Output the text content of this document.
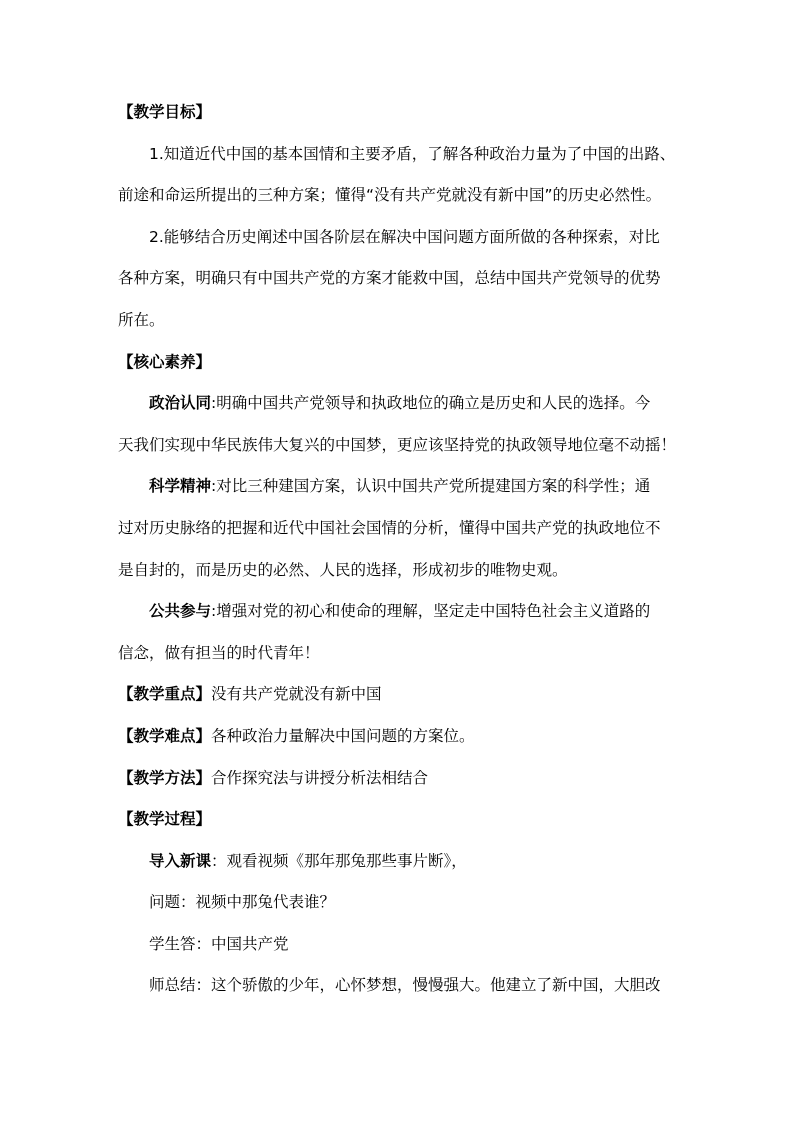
【教学目标】
1.知道近代中国的基本国情和主要矛盾，了解各种政治力量为了中国的出路、
前途和命运所提出的三种方案；懂得“没有共产党就没有新中国”的历史必然性。
2.能够结合历史阐述中国各阶层在解决中国问题方面所做的各种探索，对比
各种方案，明确只有中国共产党的方案才能救中国，总结中国共产党领导的优势
所在。
【核心素养】
政治认同:明确中国共产党领导和执政地位的确立是历史和人民的选择。今
天我们实现中华民族伟大复兴的中国梦，更应该坚持党的执政领导地位毫不动摇！
科学精神:对比三种建国方案，认识中国共产党所提建国方案的科学性；通
过对历史脉络的把握和近代中国社会国情的分析，懂得中国共产党的执政地位不
是自封的，而是历史的必然、人民的选择，形成初步的唯物史观。
公共参与:增强对党的初心和使命的理解，坚定走中国特色社会主义道路的
信念，做有担当的时代青年！
【教学重点】没有共产党就没有新中国
【教学难点】各种政治力量解决中国问题的方案位。
【教学方法】合作探究法与讲授分析法相结合
【教学过程】
导入新课：观看视频《那年那兔那些事片断》，
问题：视频中那兔代表谁？
学生答：中国共产党
师总结：这个骄傲的少年，心怀梦想，慢慢强大。他建立了新中国，大胆改
